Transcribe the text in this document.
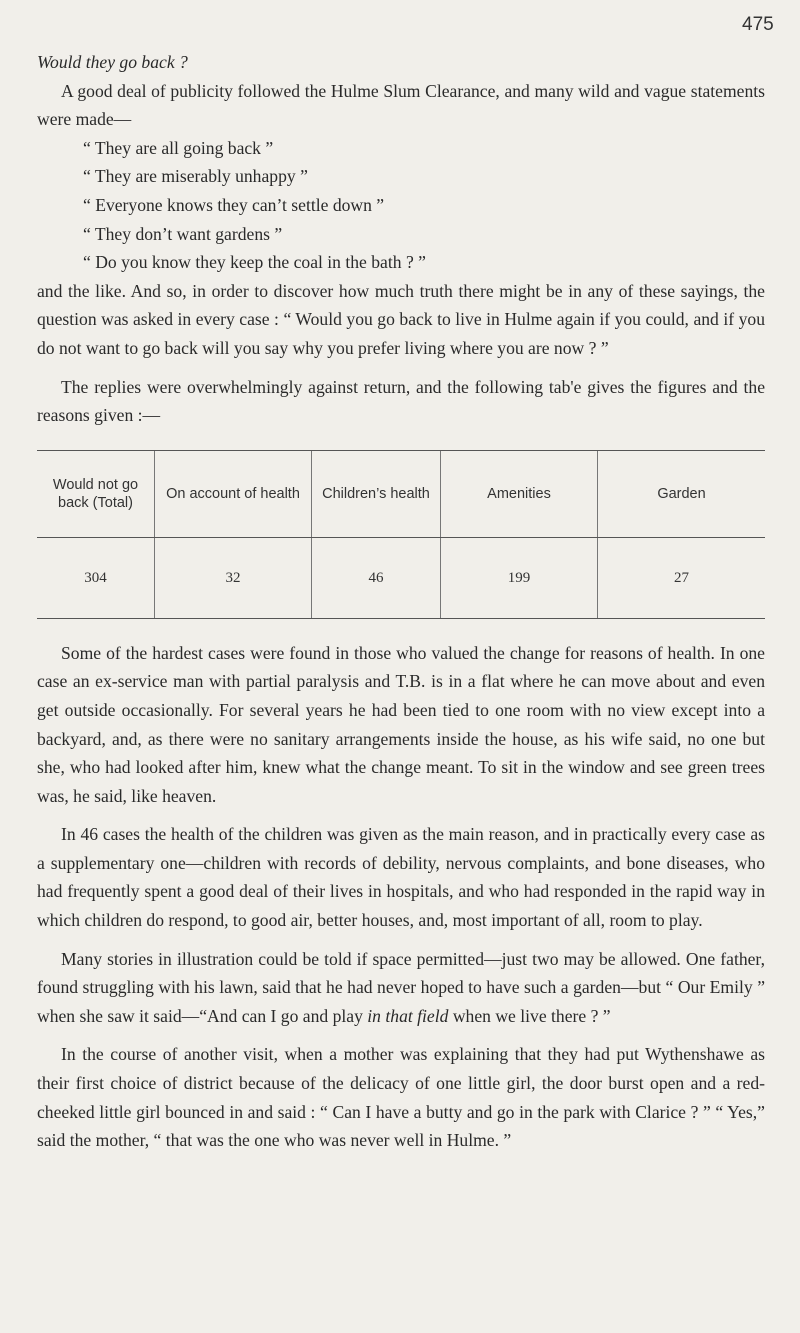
475

Would they go back ?

A good deal of publicity followed the Hulme Slum Clearance, and many wild and vague statements were made—

“ They are all going back ”
“ They are miserably unhappy ”
“ Everyone knows they can’t settle down ”
“ They don’t want gardens ”
“ Do you know they keep the coal in the bath ? ”

and the like. And so, in order to discover how much truth there might be in any of these sayings, the question was asked in every case : “ Would you go back to live in Hulme again if you could, and if you do not want to go back will you say why you prefer living where you are now ? ”

The replies were overwhelmingly against return, and the following tab'e gives the figures and the reasons given :—

Would not go back (Total)	On account of health	Children’s health	Amenities	Garden
304	32	46	199	27

Some of the hardest cases were found in those who valued the change for reasons of health. In one case an ex-service man with partial paralysis and T.B. is in a flat where he can move about and even get outside occasionally. For several years he had been tied to one room with no view except into a backyard, and, as there were no sanitary arrangements inside the house, as his wife said, no one but she, who had looked after him, knew what the change meant. To sit in the window and see green trees was, he said, like heaven.

In 46 cases the health of the children was given as the main reason, and in practically every case as a supplementary one—children with records of debility, nervous complaints, and bone diseases, who had frequently spent a good deal of their lives in hospitals, and who had responded in the rapid way in which children do respond, to good air, better houses, and, most important of all, room to play.

Many stories in illustration could be told if space permitted—just two may be allowed. One father, found struggling with his lawn, said that he had never hoped to have such a garden—but “ Our Emily ” when she saw it said—“And can I go and play in that field when we live there ? ”

In the course of another visit, when a mother was explaining that they had put Wythenshawe as their first choice of district because of the delicacy of one little girl, the door burst open and a red-cheeked little girl bounced in and said : “ Can I have a butty and go in the park with Clarice ? ” “ Yes,” said the mother, “ that was the one who was never well in Hulme. ”
